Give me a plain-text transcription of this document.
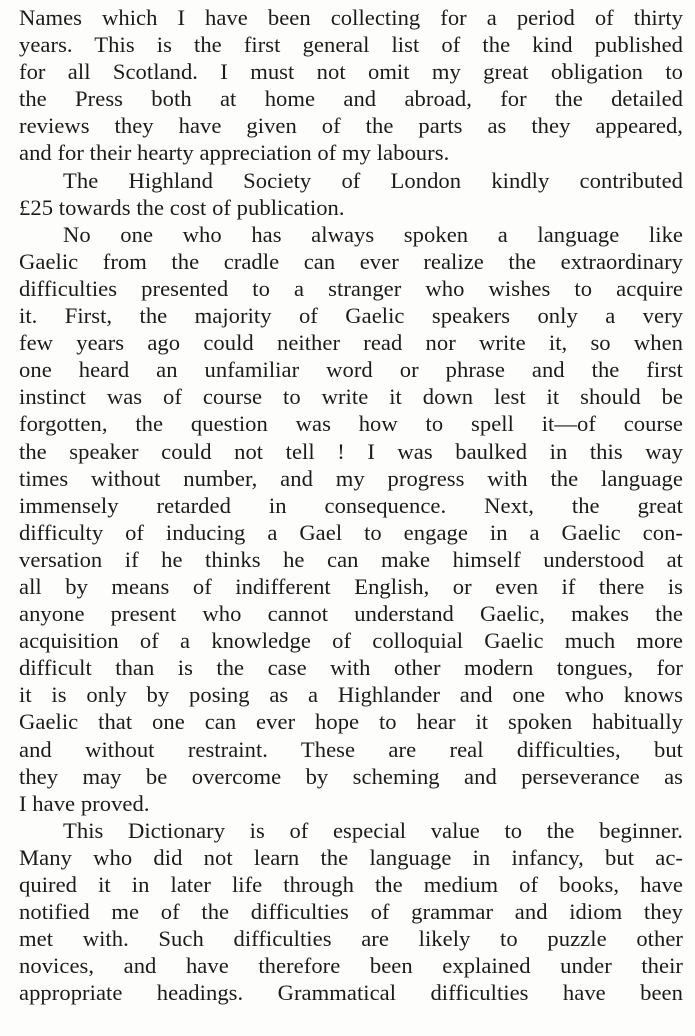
Names which I have been collecting for a period of thirty
years. This is the first general list of the kind published
for all Scotland. I must not omit my great obligation to
the Press both at home and abroad, for the detailed
reviews they have given of the parts as they appeared,
and for their hearty appreciation of my labours.
The Highland Society of London kindly contributed
£25 towards the cost of publication.
No one who has always spoken a language like
Gaelic from the cradle can ever realize the extraordinary
difficulties presented to a stranger who wishes to acquire
it. First, the majority of Gaelic speakers only a very
few years ago could neither read nor write it, so when
one heard an unfamiliar word or phrase and the first
instinct was of course to write it down lest it should be
forgotten, the question was how to spell it—of course
the speaker could not tell ! I was baulked in this way
times without number, and my progress with the language
immensely retarded in consequence. Next, the great
difficulty of inducing a Gael to engage in a Gaelic con-
versation if he thinks he can make himself understood at
all by means of indifferent English, or even if there is
anyone present who cannot understand Gaelic, makes the
acquisition of a knowledge of colloquial Gaelic much more
difficult than is the case with other modern tongues, for
it is only by posing as a Highlander and one who knows
Gaelic that one can ever hope to hear it spoken habitually
and without restraint. These are real difficulties, but
they may be overcome by scheming and perseverance as
I have proved.
This Dictionary is of especial value to the beginner.
Many who did not learn the language in infancy, but ac-
quired it in later life through the medium of books, have
notified me of the difficulties of grammar and idiom they
met with. Such difficulties are likely to puzzle other
novices, and have therefore been explained under their
appropriate headings. Grammatical difficulties have been
